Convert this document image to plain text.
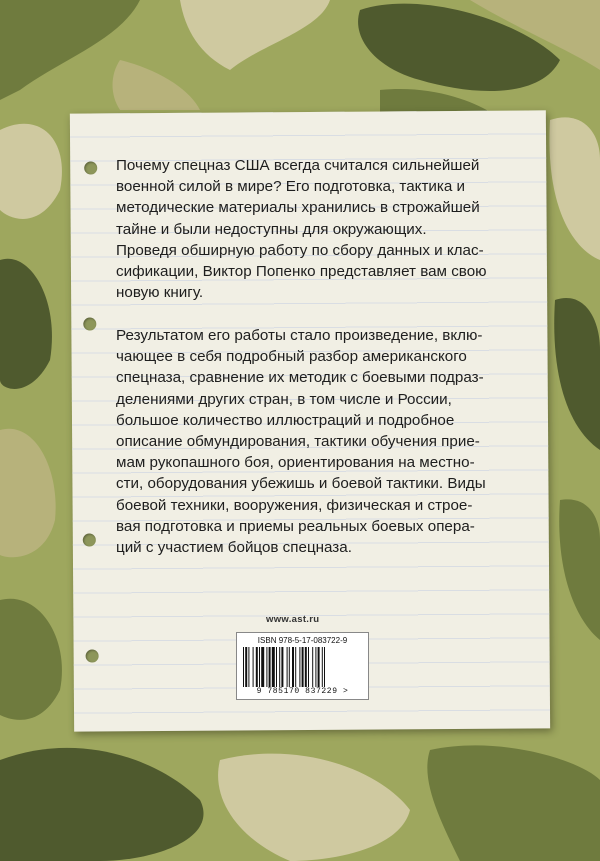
Почему спецназ США всегда считался сильнейшей
военной силой в мире? Его подготовка, тактика и
методические материалы хранились в строжайшей
тайне и были недоступны для окружающих.
Проведя обширную работу по сбору данных и клас-
сификации, Виктор Попенко представляет вам свою
новую книгу.

Результатом его работы стало произведение, вклю-
чающее в себя подробный разбор американского
спецназа, сравнение их методик с боевыми подраз-
делениями других стран, в том числе и России,
большое количество иллюстраций и подробное
описание обмундирования, тактики обучения прие-
мам рукопашного боя, ориентирования на местно-
сти, оборудования убежишь и боевой тактики. Виды
боевой техники, вооружения, физическая и строе-
вая подготовка и приемы реальных боевых опера-
ций с участием бойцов спецназа.

www.ast.ru
ISBN 978-5-17-083722-9
9 785170 837229 >
